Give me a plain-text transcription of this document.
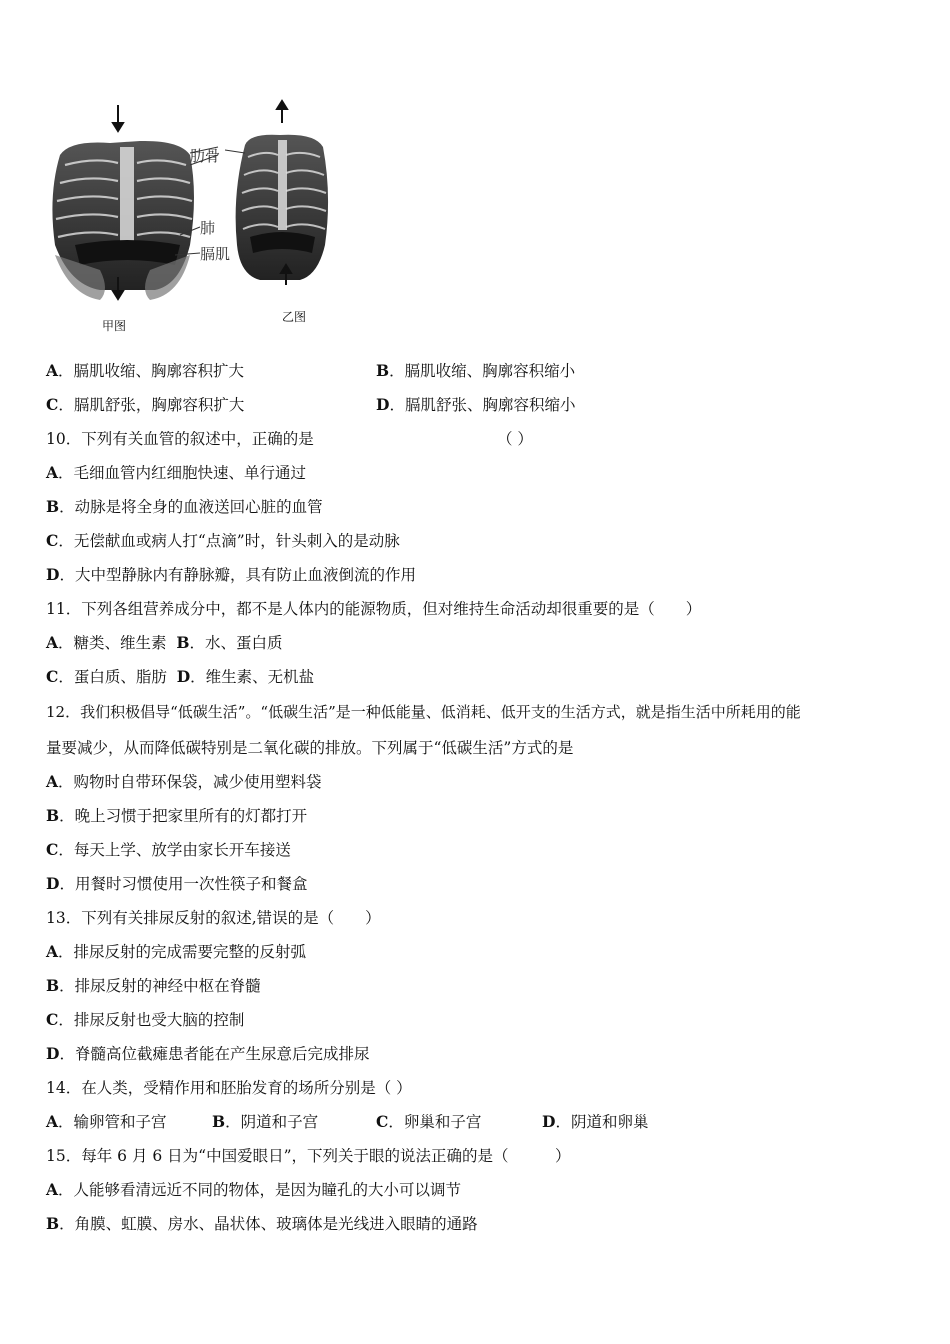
肋骨
肺
膈肌
甲图
乙图
A．膈肌收缩、胸廓容积扩大	B．膈肌收缩、胸廓容积缩小
C．膈肌舒张，胸廓容积扩大	D．膈肌舒张、胸廓容积缩小
10．下列有关血管的叙述中，正确的是	（ ）
A．毛细血管内红细胞快速、单行通过
B．动脉是将全身的血液送回心脏的血管
C．无偿献血或病人打“点滴”时，针头刺入的是动脉
D．大中型静脉内有静脉瓣，具有防止血液倒流的作用
11．下列各组营养成分中，都不是人体内的能源物质，但对维持生命活动却很重要的是（　　）
A．糖类、维生素 B．水、蛋白质
C．蛋白质、脂肪 D．维生素、无机盐
12．我们积极倡导“低碳生活”。“低碳生活”是一种低能量、低消耗、低开支的生活方式，就是指生活中所耗用的能
量要减少，从而降低碳特别是二氧化碳的排放。下列属于“低碳生活”方式的是
A．购物时自带环保袋，减少使用塑料袋
B．晚上习惯于把家里所有的灯都打开
C．每天上学、放学由家长开车接送
D．用餐时习惯使用一次性筷子和餐盒
13．下列有关排尿反射的叙述,错误的是（　　）
A．排尿反射的完成需要完整的反射弧
B．排尿反射的神经中枢在脊髓
C．排尿反射也受大脑的控制
D．脊髓高位截瘫患者能在产生尿意后完成排尿
14．在人类，受精作用和胚胎发育的场所分别是（ ）
A．输卵管和子宫	B．阴道和子宫	C．卵巢和子宫	D．阴道和卵巢
15．每年 6 月 6 日为“中国爱眼日”，下列关于眼的说法正确的是（　　　）
A．人能够看清远近不同的物体，是因为瞳孔的大小可以调节
B．角膜、虹膜、房水、晶状体、玻璃体是光线进入眼睛的通路
